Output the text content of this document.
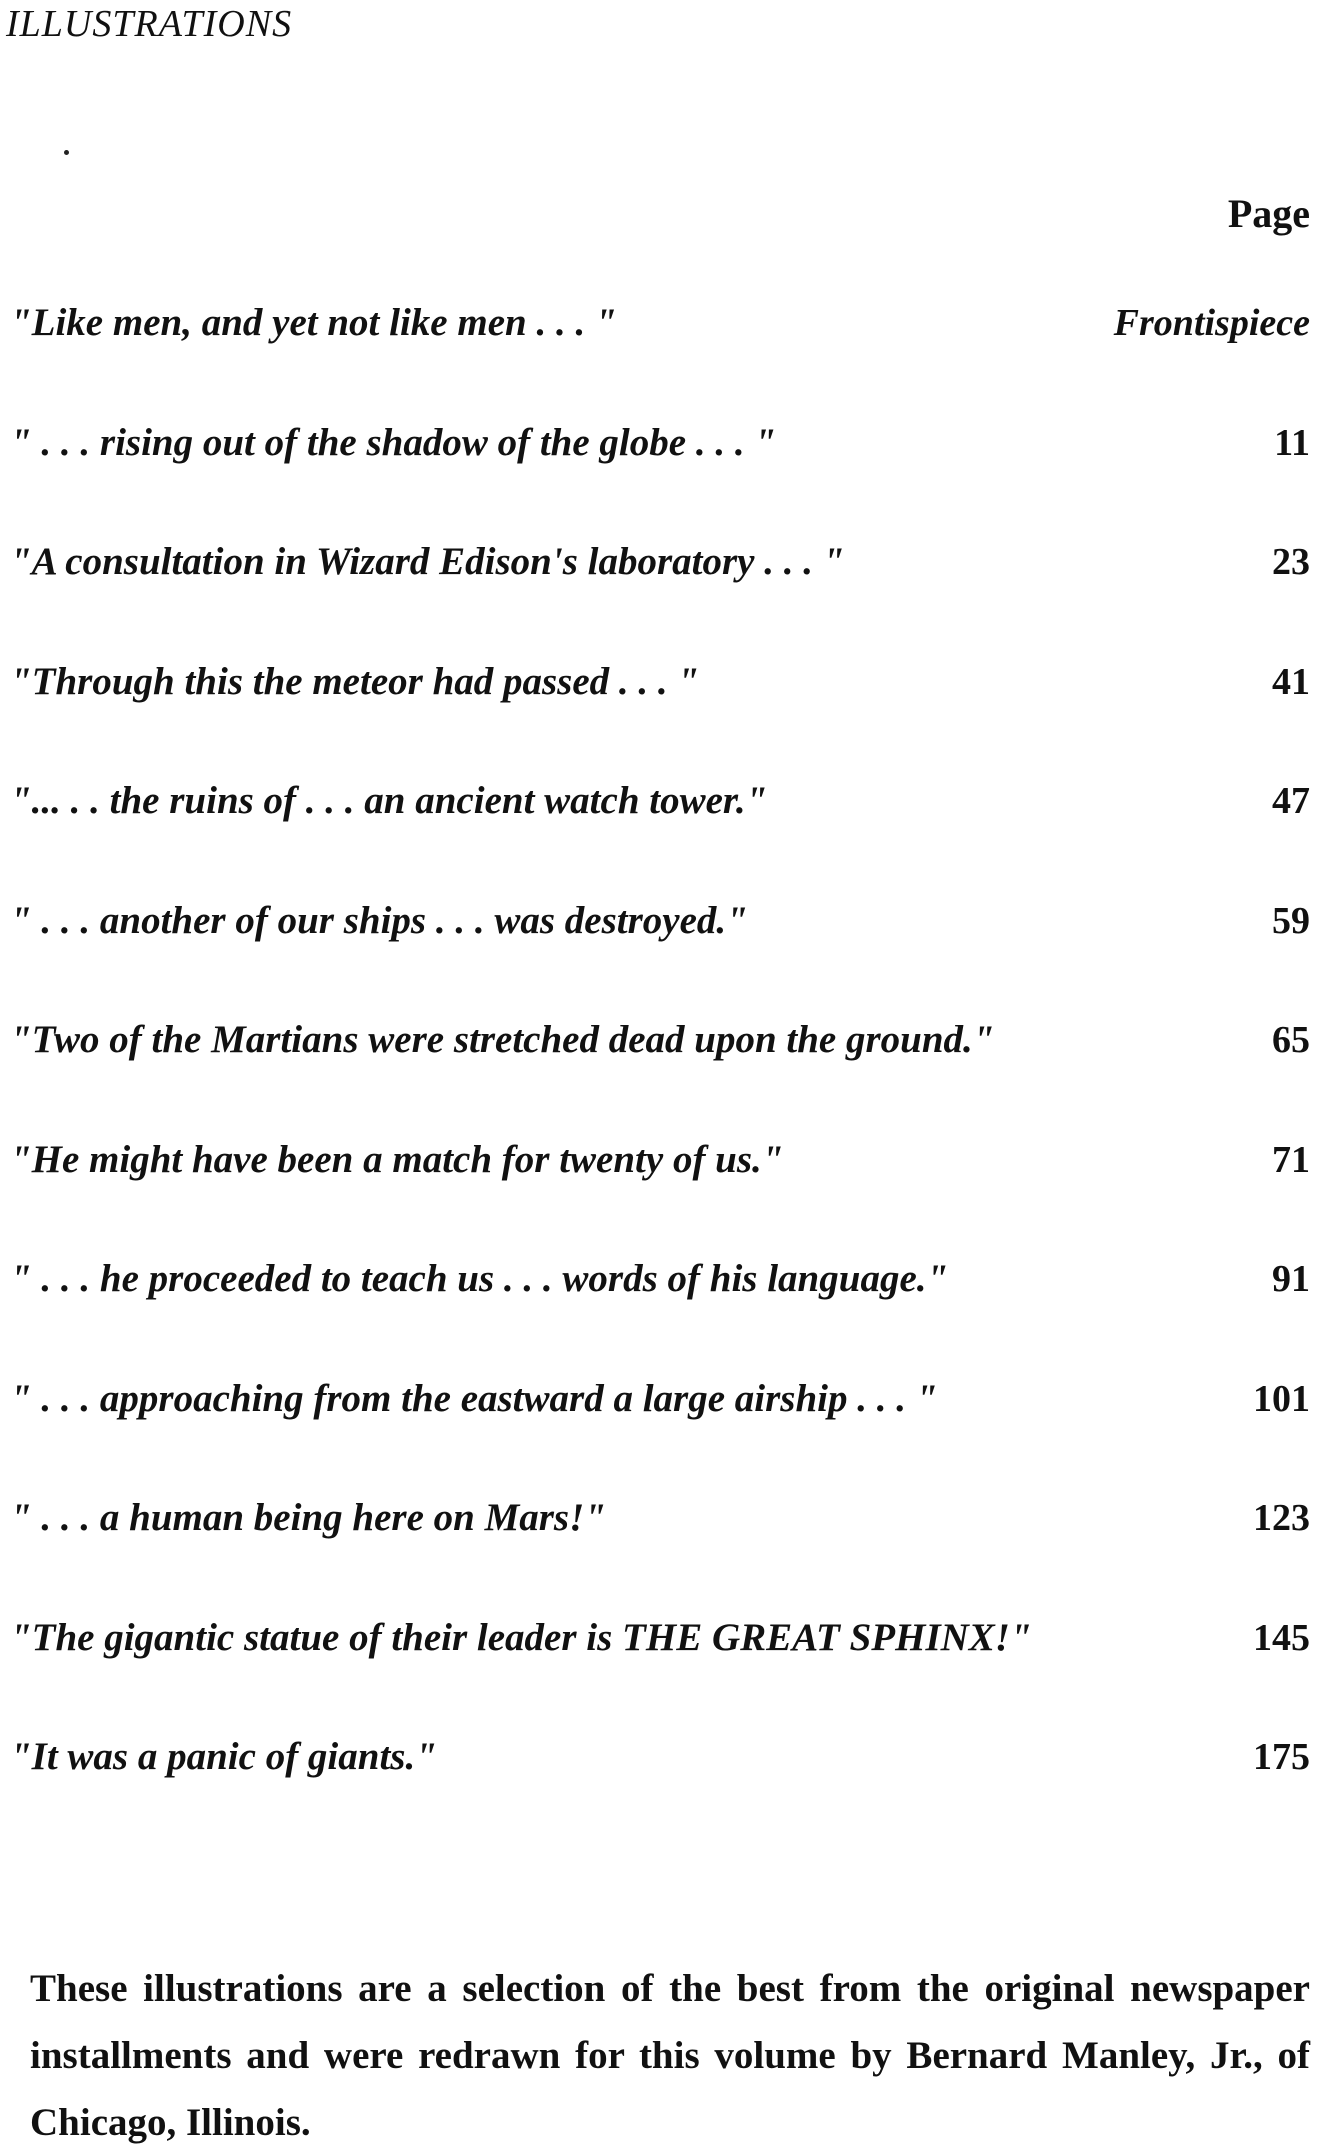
ILLUSTRATIONS
Page
"Like men, and yet not like men . . . "	Frontispiece
" . . . rising out of the shadow of the globe . . . "	11
"A consultation in Wizard Edison's laboratory . . . "	23
"Through this the meteor had passed . . . "	41
"... . . the ruins of . . . an ancient watch tower."	47
" . . . another of our ships . . . was destroyed."	59
"Two of the Martians were stretched dead upon the ground."	65
"He might have been a match for twenty of us."	71
" . . . he proceeded to teach us . . . words of his language."	91
" . . . approaching from the eastward a large airship . . . "	101
" . . . a human being here on Mars!"	123
"The gigantic statue of their leader is THE GREAT SPHINX!"	145
"It was a panic of giants."	175

These illustrations are a selection of the best from the original newspaper installments and were redrawn for this volume by Bernard Manley, Jr., of Chicago, Illinois.
